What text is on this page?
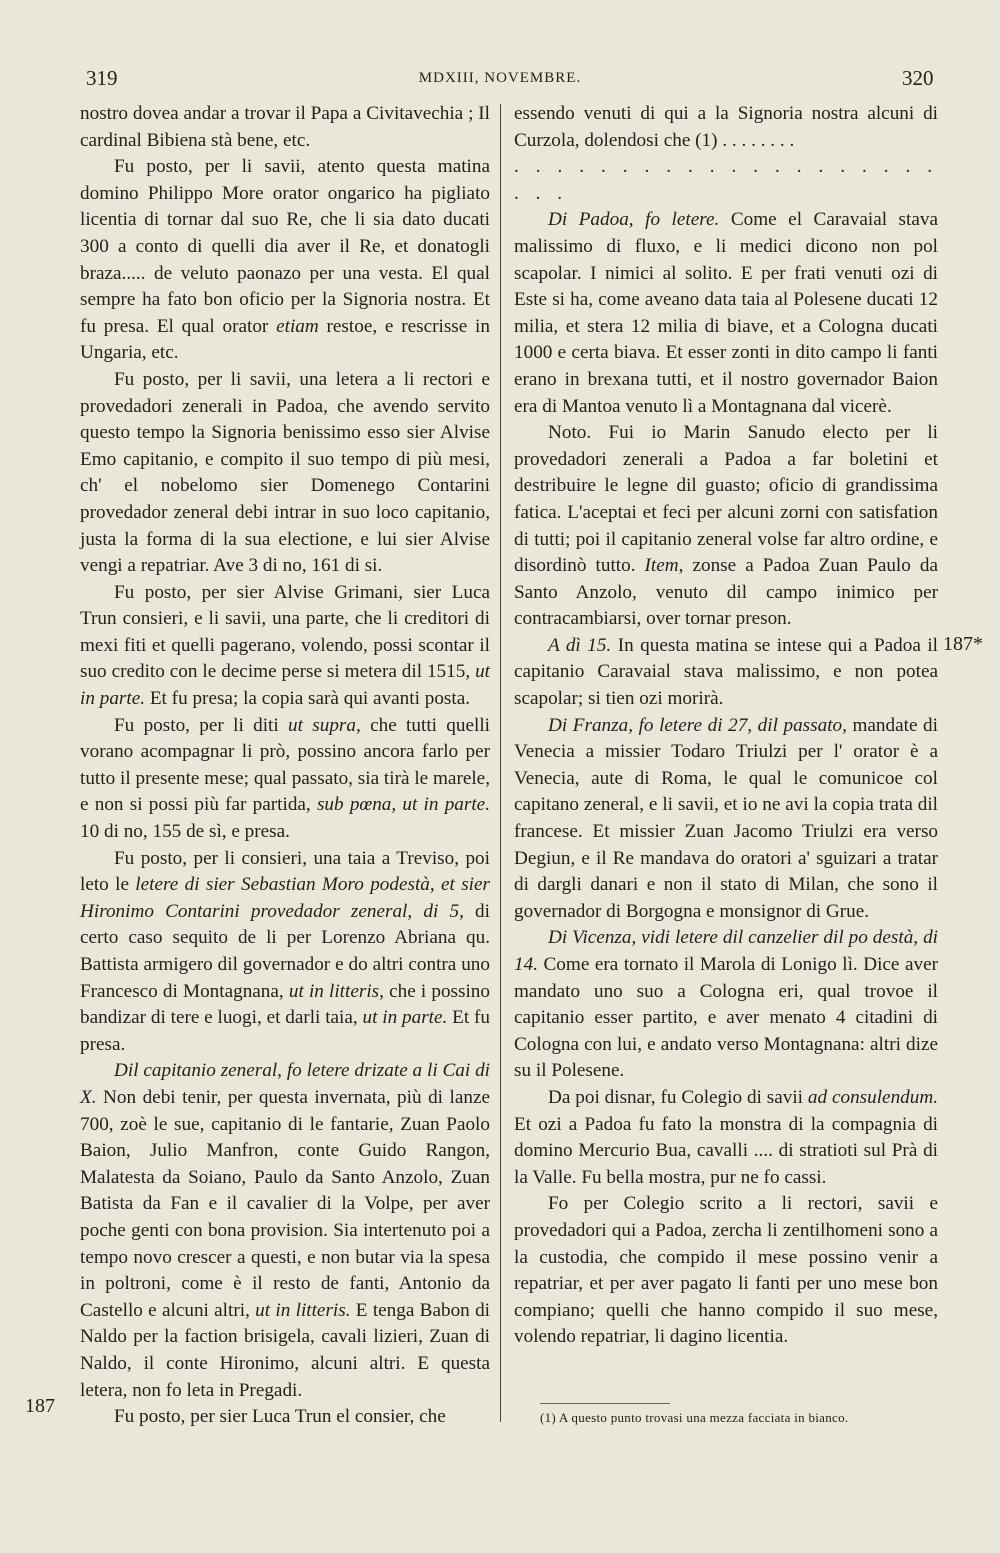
319	MDXIII, NOVEMBRE.	320

nostro dovea andar a trovar il Papa a Civitavechia ; Il cardinal Bibiena stà bene, etc.

Fu posto, per li savii, atento questa matina domino Philippo More orator ongarico ha pigliato licentia di tornar dal suo Re, che li sia dato ducati 300 a conto di quelli dia aver il Re, et donatogli braza..... de veluto paonazo per una vesta. El qual sempre ha fato bon oficio per la Signoria nostra. Et fu presa. El qual orator etiam restoe, e rescrisse in Ungaria, etc.

Fu posto, per li savii, una letera a li rectori e provedadori zenerali in Padoa, che avendo servito questo tempo la Signoria benissimo esso sier Alvise Emo capitanio, e compito il suo tempo di più mesi, ch' el nobelomo sier Domenego Contarini provedador zeneral debi intrar in suo loco capitanio, justa la forma di la sua electione, e lui sier Alvise vengi a repatriar. Ave 3 di no, 161 di si.

Fu posto, per sier Alvise Grimani, sier Luca Trun consieri, e li savii, una parte, che li creditori di mexi fiti et quelli pagerano, volendo, possi scontar il suo credito con le decime perse si metera dil 1515, ut in parte. Et fu presa; la copia sarà qui avanti posta.

Fu posto, per li diti ut supra, che tutti quelli vorano acompagnar li prò, possino ancora farlo per tutto il presente mese; qual passato, sia tirà le marele, e non si possi più far partida, sub pœna, ut in parte. 10 di no, 155 de sì, e presa.

Fu posto, per li consieri, una taia a Treviso, poi leto le letere di sier Sebastian Moro podestà, et sier Hironimo Contarini provedador zeneral, di 5, di certo caso sequito de li per Lorenzo Abriana qu. Battista armigero dil governador e do altri contra uno Francesco di Montagnana, ut in litteris, che i possino bandizar di tere e luogi, et darli taia, ut in parte. Et fu presa.

Dil capitanio zeneral, fo letere drizate a li Cai di X. Non debi tenir, per questa invernata, più di lanze 700, zoè le sue, capitanio di le fantarie, Zuan Paolo Baion, Julio Manfron, conte Guido Rangon, Malatesta da Soiano, Paulo da Santo Anzolo, Zuan Batista da Fan e il cavalier di la Volpe, per aver poche genti con bona provision. Sia intertenuto poi a tempo novo crescer a questi, e non butar via la spesa in poltroni, come è il resto de fanti, Antonio da Castello e alcuni altri, ut in litteris. E tenga Babon di Naldo per la faction brisigela, cavali lizieri, Zuan di Naldo, il conte Hironimo, alcuni altri. E questa letera, non fo leta in Pregadi.

Fu posto, per sier Luca Trun el consier, che

essendo venuti di qui a la Signoria nostra alcuni di Curzola, dolendosi che (1) . . . . . . . .

. . . . . . . . . . . . . . . . . . . . . . .

Di Padoa, fo letere. Come el Caravaial stava malissimo di fluxo, e li medici dicono non pol scapolar. I nimici al solito. E per frati venuti ozi di Este si ha, come aveano data taia al Polesene ducati 12 milia, et stera 12 milia di biave, et a Cologna ducati 1000 e certa biava. Et esser zonti in dito campo li fanti erano in brexana tutti, et il nostro governador Baion era di Mantoa venuto lì a Montagnana dal vicerè.

Noto. Fui io Marin Sanudo electo per li provedadori zenerali a Padoa a far boletini et destribuire le legne dil guasto; oficio di grandissima fatica. L'aceptai et feci per alcuni zorni con satisfation di tutti; poi il capitanio zeneral volse far altro ordine, e disordinò tutto. Item, zonse a Padoa Zuan Paulo da Santo Anzolo, venuto dil campo inimico per contracambiarsi, over tornar preson.

A dì 15. In questa matina se intese qui a Padoa il capitanio Caravaial stava malissimo, e non potea scapolar; si tien ozi morirà.

Di Franza, fo letere di 27, dil passato, mandate di Venecia a missier Todaro Triulzi per l' orator è a Venecia, aute di Roma, le qual le comunicoe col capitano zeneral, e li savii, et io ne avi la copia trata dil francese. Et missier Zuan Jacomo Triulzi era verso Degiun, e il Re mandava do oratori a' sguizari a tratar di dargli danari e non il stato di Milan, che sono il governador di Borgogna e monsignor di Grue.

Di Vicenza, vidi letere dil canzelier dil po destà, di 14. Come era tornato il Marola di Lonigo lì. Dice aver mandato uno suo a Cologna eri, qual trovoe il capitanio esser partito, e aver menato 4 citadini di Cologna con lui, e andato verso Montagnana: altri dize su il Polesene.

Da poi disnar, fu Colegio di savii ad consulendum. Et ozi a Padoa fu fato la monstra di la compagnia di domino Mercurio Bua, cavalli .... di stratioti sul Prà di la Valle. Fu bella mostra, pur ne fo cassi.

Fo per Colegio scrito a li rectori, savii e provedadori qui a Padoa, zercha li zentilhomeni sono a la custodia, che compido il mese possino venir a repatriar, et per aver pagato li fanti per uno mese bon compiano; quelli che hanno compido il suo mese, volendo repatriar, li dagino licentia.

187
187*
(1) A questo punto trovasi una mezza facciata in bianco.
